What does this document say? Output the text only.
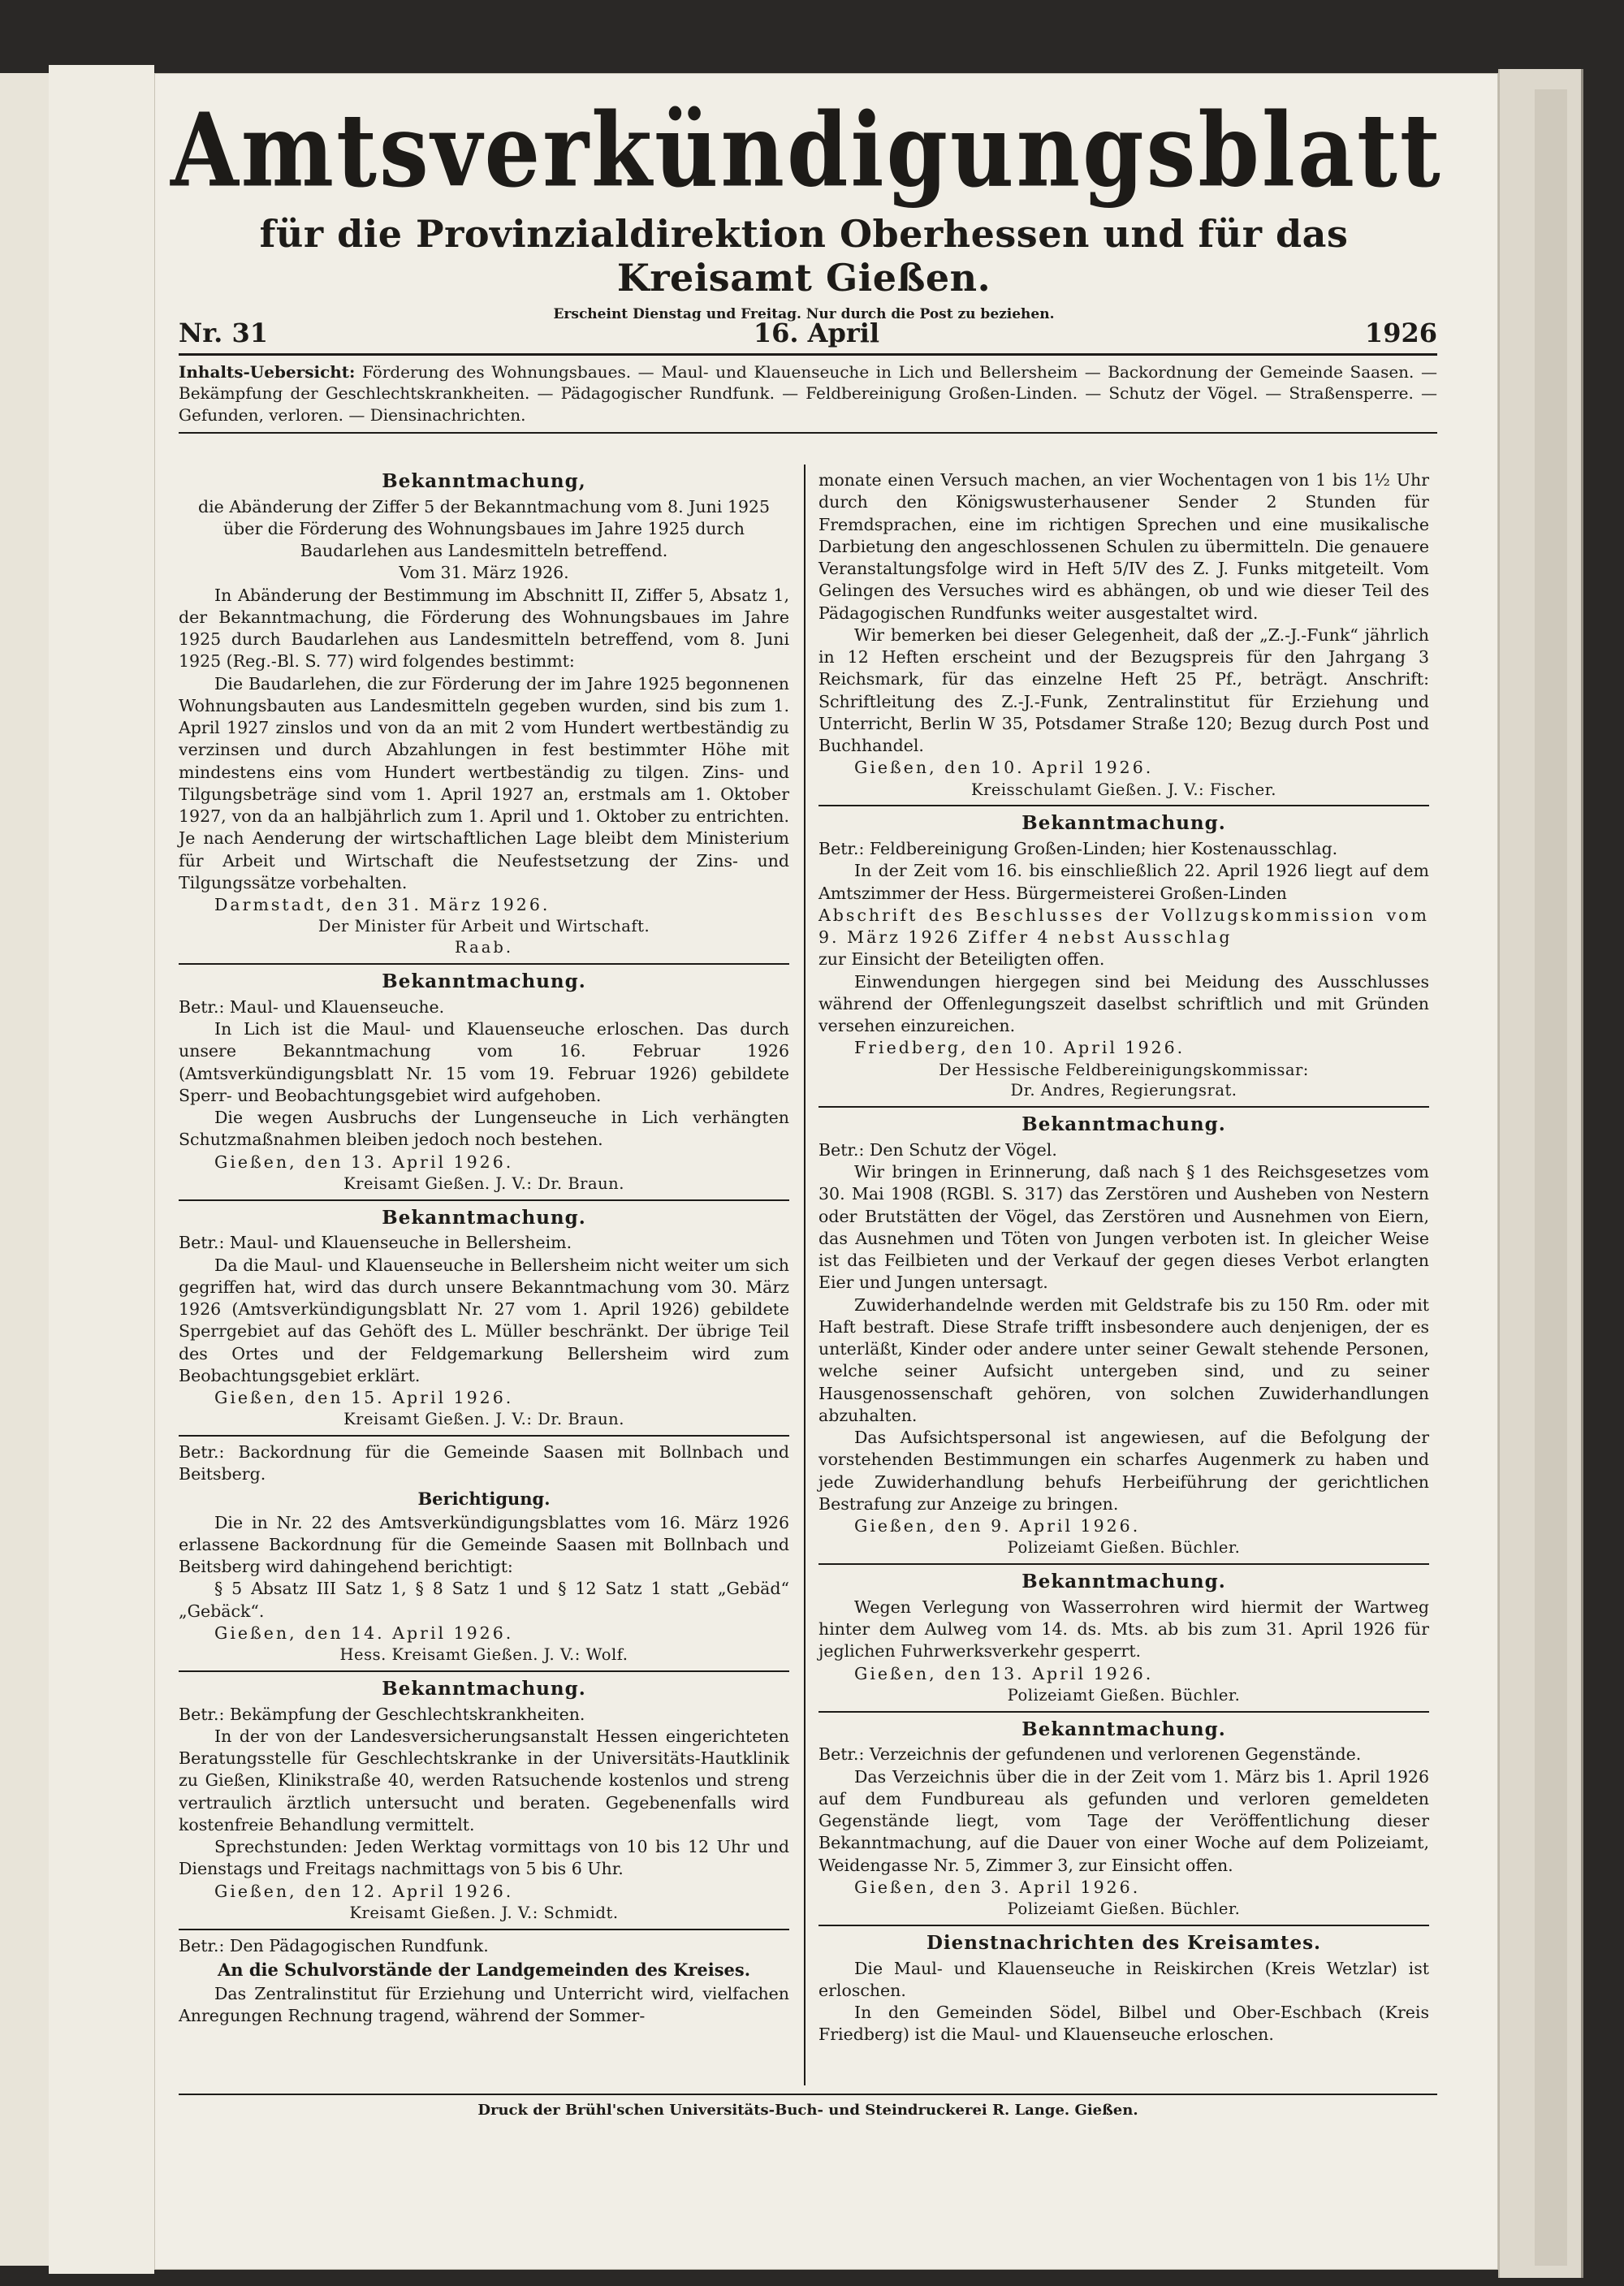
Amtsverkündigungsblatt
für die Provinzialdirektion Oberhessen und für das Kreisamt Gießen.
Erscheint Dienstag und Freitag. Nur durch die Post zu beziehen.
Nr. 31	16. April	1926
Inhalts-Uebersicht: Förderung des Wohnungsbaues. — Maul- und Klauenseuche in Lich und Bellersheim — Backordnung der Gemeinde Saasen. — Bekämpfung der Geschlechtskrankheiten. — Pädagogischer Rundfunk. — Feldbereinigung Großen-Linden. — Schutz der Vögel. — Straßensperre. — Gefunden, verloren. — Diensinachrichten.
Bekanntmachung,

die Abänderung der Ziffer 5 der Bekanntmachung vom 8. Juni 1925 über die Förderung des Wohnungsbaues im Jahre 1925 durch Baudarlehen aus Landesmitteln betreffend.

Vom 31. März 1926.

In Abänderung der Bestimmung im Abschnitt II, Ziffer 5, Absatz 1, der Bekanntmachung, die Förderung des Wohnungsbaues im Jahre 1925 durch Baudarlehen aus Landesmitteln betreffend, vom 8. Juni 1925 (Reg.-Bl. S. 77) wird folgendes bestimmt:

Die Baudarlehen, die zur Förderung der im Jahre 1925 begonnenen Wohnungsbauten aus Landesmitteln gegeben wurden, sind bis zum 1. April 1927 zinslos und von da an mit 2 vom Hundert wertbeständig zu verzinsen und durch Abzahlungen in fest bestimmter Höhe mit mindestens eins vom Hundert wertbeständig zu tilgen. Zins- und Tilgungsbeträge sind vom 1. April 1927 an, erstmals am 1. Oktober 1927, von da an halbjährlich zum 1. April und 1. Oktober zu entrichten. Je nach Aenderung der wirtschaftlichen Lage bleibt dem Ministerium für Arbeit und Wirtschaft die Neufestsetzung der Zins- und Tilgungssätze vorbehalten.

Darmstadt, den 31. März 1926.

Der Minister für Arbeit und Wirtschaft.

Raab.

Bekanntmachung.

Betr.: Maul- und Klauenseuche.

In Lich ist die Maul- und Klauenseuche erloschen. Das durch unsere Bekanntmachung vom 16. Februar 1926 (Amtsverkündigungsblatt Nr. 15 vom 19. Februar 1926) gebildete Sperr- und Beobachtungsgebiet wird aufgehoben.

Die wegen Ausbruchs der Lungenseuche in Lich verhängten Schutzmaßnahmen bleiben jedoch noch bestehen.

Gießen, den 13. April 1926.

Kreisamt Gießen. J. V.: Dr. Braun.

Bekanntmachung.

Betr.: Maul- und Klauenseuche in Bellersheim.

Da die Maul- und Klauenseuche in Bellersheim nicht weiter um sich gegriffen hat, wird das durch unsere Bekanntmachung vom 30. März 1926 (Amtsverkündigungsblatt Nr. 27 vom 1. April 1926) gebildete Sperrgebiet auf das Gehöft des L. Müller beschränkt. Der übrige Teil des Ortes und der Feldgemarkung Bellersheim wird zum Beobachtungsgebiet erklärt.

Gießen, den 15. April 1926.

Kreisamt Gießen. J. V.: Dr. Braun.

Betr.: Backordnung für die Gemeinde Saasen mit Bollnbach und Beitsberg.

Berichtigung.

Die in Nr. 22 des Amtsverkündigungsblattes vom 16. März 1926 erlassene Backordnung für die Gemeinde Saasen mit Bollnbach und Beitsberg wird dahingehend berichtigt:

§ 5 Absatz III Satz 1, § 8 Satz 1 und § 12 Satz 1 statt „Gebäd“ „Gebäck“.

Gießen, den 14. April 1926.

Hess. Kreisamt Gießen. J. V.: Wolf.

Bekanntmachung.

Betr.: Bekämpfung der Geschlechtskrankheiten.

In der von der Landesversicherungsanstalt Hessen eingerichteten Beratungsstelle für Geschlechtskranke in der Universitäts-Hautklinik zu Gießen, Klinikstraße 40, werden Ratsuchende kostenlos und streng vertraulich ärztlich untersucht und beraten. Gegebenenfalls wird kostenfreie Behandlung vermittelt.

Sprechstunden: Jeden Werktag vormittags von 10 bis 12 Uhr und Dienstags und Freitags nachmittags von 5 bis 6 Uhr.

Gießen, den 12. April 1926.

Kreisamt Gießen. J. V.: Schmidt.

Betr.: Den Pädagogischen Rundfunk.

An die Schulvorstände der Landgemeinden des Kreises.

Das Zentralinstitut für Erziehung und Unterricht wird, vielfachen Anregungen Rechnung tragend, während der Sommer-

monate einen Versuch machen, an vier Wochentagen von 1 bis 1½ Uhr durch den Königswusterhausener Sender 2 Stunden für Fremdsprachen, eine im richtigen Sprechen und eine musikalische Darbietung den angeschlossenen Schulen zu übermitteln. Die genauere Veranstaltungsfolge wird in Heft 5/IV des Z. J. Funks mitgeteilt. Vom Gelingen des Versuches wird es abhängen, ob und wie dieser Teil des Pädagogischen Rundfunks weiter ausgestaltet wird.

Wir bemerken bei dieser Gelegenheit, daß der „Z.-J.-Funk“ jährlich in 12 Heften erscheint und der Bezugspreis für den Jahrgang 3 Reichsmark, für das einzelne Heft 25 Pf., beträgt. Anschrift: Schriftleitung des Z.-J.-Funk, Zentralinstitut für Erziehung und Unterricht, Berlin W 35, Potsdamer Straße 120; Bezug durch Post und Buchhandel.

Gießen, den 10. April 1926.

Kreisschulamt Gießen. J. V.: Fischer.

Bekanntmachung.

Betr.: Feldbereinigung Großen-Linden; hier Kostenausschlag.

In der Zeit vom 16. bis einschließlich 22. April 1926 liegt auf dem Amtszimmer der Hess. Bürgermeisterei Großen-Linden

Abschrift des Beschlusses der Vollzugskommission vom 9. März 1926 Ziffer 4 nebst Ausschlag

zur Einsicht der Beteiligten offen.

Einwendungen hiergegen sind bei Meidung des Ausschlusses während der Offenlegungszeit daselbst schriftlich und mit Gründen versehen einzureichen.

Friedberg, den 10. April 1926.

Der Hessische Feldbereinigungskommissar:

Dr. Andres, Regierungsrat.

Bekanntmachung.

Betr.: Den Schutz der Vögel.

Wir bringen in Erinnerung, daß nach § 1 des Reichsgesetzes vom 30. Mai 1908 (RGBl. S. 317) das Zerstören und Ausheben von Nestern oder Brutstätten der Vögel, das Zerstören und Ausnehmen von Eiern, das Ausnehmen und Töten von Jungen verboten ist. In gleicher Weise ist das Feilbieten und der Verkauf der gegen dieses Verbot erlangten Eier und Jungen untersagt.

Zuwiderhandelnde werden mit Geldstrafe bis zu 150 Rm. oder mit Haft bestraft. Diese Strafe trifft insbesondere auch denjenigen, der es unterläßt, Kinder oder andere unter seiner Gewalt stehende Personen, welche seiner Aufsicht untergeben sind, und zu seiner Hausgenossenschaft gehören, von solchen Zuwiderhandlungen abzuhalten.

Das Aufsichtspersonal ist angewiesen, auf die Befolgung der vorstehenden Bestimmungen ein scharfes Augenmerk zu haben und jede Zuwiderhandlung behufs Herbeiführung der gerichtlichen Bestrafung zur Anzeige zu bringen.

Gießen, den 9. April 1926.

Polizeiamt Gießen. Büchler.

Bekanntmachung.

Wegen Verlegung von Wasserrohren wird hiermit der Wartweg hinter dem Aulweg vom 14. ds. Mts. ab bis zum 31. April 1926 für jeglichen Fuhrwerksverkehr gesperrt.

Gießen, den 13. April 1926.

Polizeiamt Gießen. Büchler.

Bekanntmachung.

Betr.: Verzeichnis der gefundenen und verlorenen Gegenstände.

Das Verzeichnis über die in der Zeit vom 1. März bis 1. April 1926 auf dem Fundbureau als gefunden und verloren gemeldeten Gegenstände liegt, vom Tage der Veröffentlichung dieser Bekanntmachung, auf die Dauer von einer Woche auf dem Polizeiamt, Weidengasse Nr. 5, Zimmer 3, zur Einsicht offen.

Gießen, den 3. April 1926.

Polizeiamt Gießen. Büchler.

Dienstnachrichten des Kreisamtes.

Die Maul- und Klauenseuche in Reiskirchen (Kreis Wetzlar) ist erloschen.

In den Gemeinden Södel, Bilbel und Ober-Eschbach (Kreis Friedberg) ist die Maul- und Klauenseuche erloschen.

Druck der Brühl'schen Universitäts-Buch- und Steindruckerei R. Lange. Gießen.
